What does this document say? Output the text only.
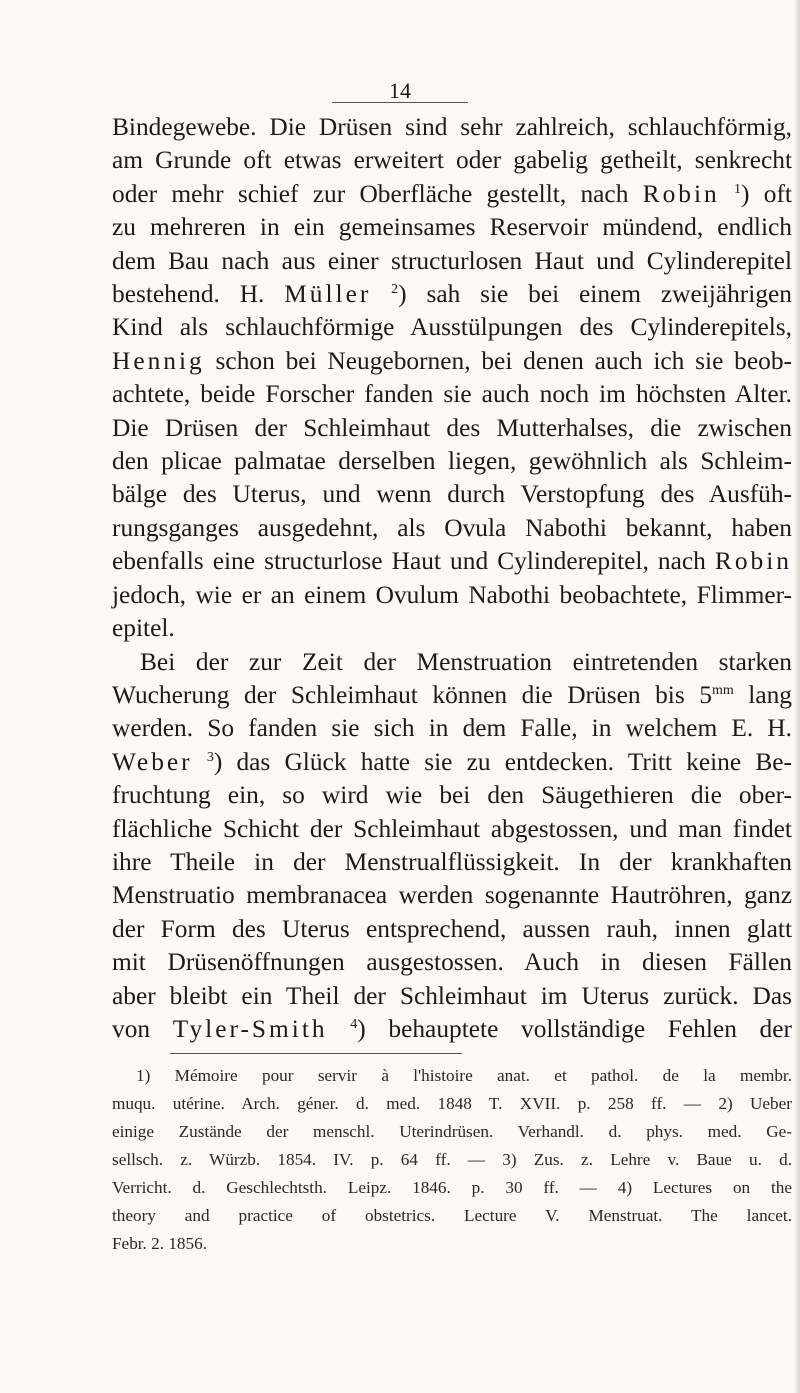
14
Bindegewebe. Die Drüsen sind sehr zahlreich, schlauchförmig,
am Grunde oft etwas erweitert oder gabelig getheilt, senkrecht
oder mehr schief zur Oberfläche gestellt, nach Robin $^1$) oft
zu mehreren in ein gemeinsames Reservoir mündend, endlich
dem Bau nach aus einer structurlosen Haut und Cylinderepitel
bestehend. H. Müller $^2$) sah sie bei einem zweijährigen
Kind als schlauchförmige Ausstülpungen des Cylinderepitels,
Hennig schon bei Neugebornen, bei denen auch ich sie beob-
achtete, beide Forscher fanden sie auch noch im höchsten Alter.
Die Drüsen der Schleimhaut des Mutterhalses, die zwischen
den plicae palmatae derselben liegen, gewöhnlich als Schleim-
bälge des Uterus, und wenn durch Verstopfung des Ausfüh-
rungsganges ausgedehnt, als Ovula Nabothi bekannt, haben
ebenfalls eine structurlose Haut und Cylinderepitel, nach Robin
jedoch, wie er an einem Ovulum Nabothi beobachtete, Flimmer-
epitel.
Bei der zur Zeit der Menstruation eintretenden starken
Wucherung der Schleimhaut können die Drüsen bis $5^{mm}$ lang
werden. So fanden sie sich in dem Falle, in welchem E. H.
Weber $^3$) das Glück hatte sie zu entdecken. Tritt keine Be-
fruchtung ein, so wird wie bei den Säugethieren die ober-
flächliche Schicht der Schleimhaut abgestossen, und man findet
ihre Theile in der Menstrualflüssigkeit. In der krankhaften
Menstruatio membranacea werden sogenannte Hautröhren, ganz
der Form des Uterus entsprechend, aussen rauh, innen glatt
mit Drüsenöffnungen ausgestossen. Auch in diesen Fällen
aber bleibt ein Theil der Schleimhaut im Uterus zurück. Das
von Tyler-Smith $^4$) behauptete vollständige Fehlen der
1) Mémoire pour servir à l'histoire anat. et pathol. de la membr.
muqu. utérine. Arch. géner. d. med. 1848 T. XVII. p. 258 ff. — 2) Ueber
einige Zustände der menschl. Uterindrüsen. Verhandl. d. phys. med. Ge-
sellsch. z. Würzb. 1854. IV. p. 64 ff. — 3) Zus. z. Lehre v. Baue u. d.
Verricht. d. Geschlechtsth. Leipz. 1846. p. 30 ff. — 4) Lectures on the
theory and practice of obstetrics. Lecture V. Menstruat. The lancet.
Febr. 2. 1856.
